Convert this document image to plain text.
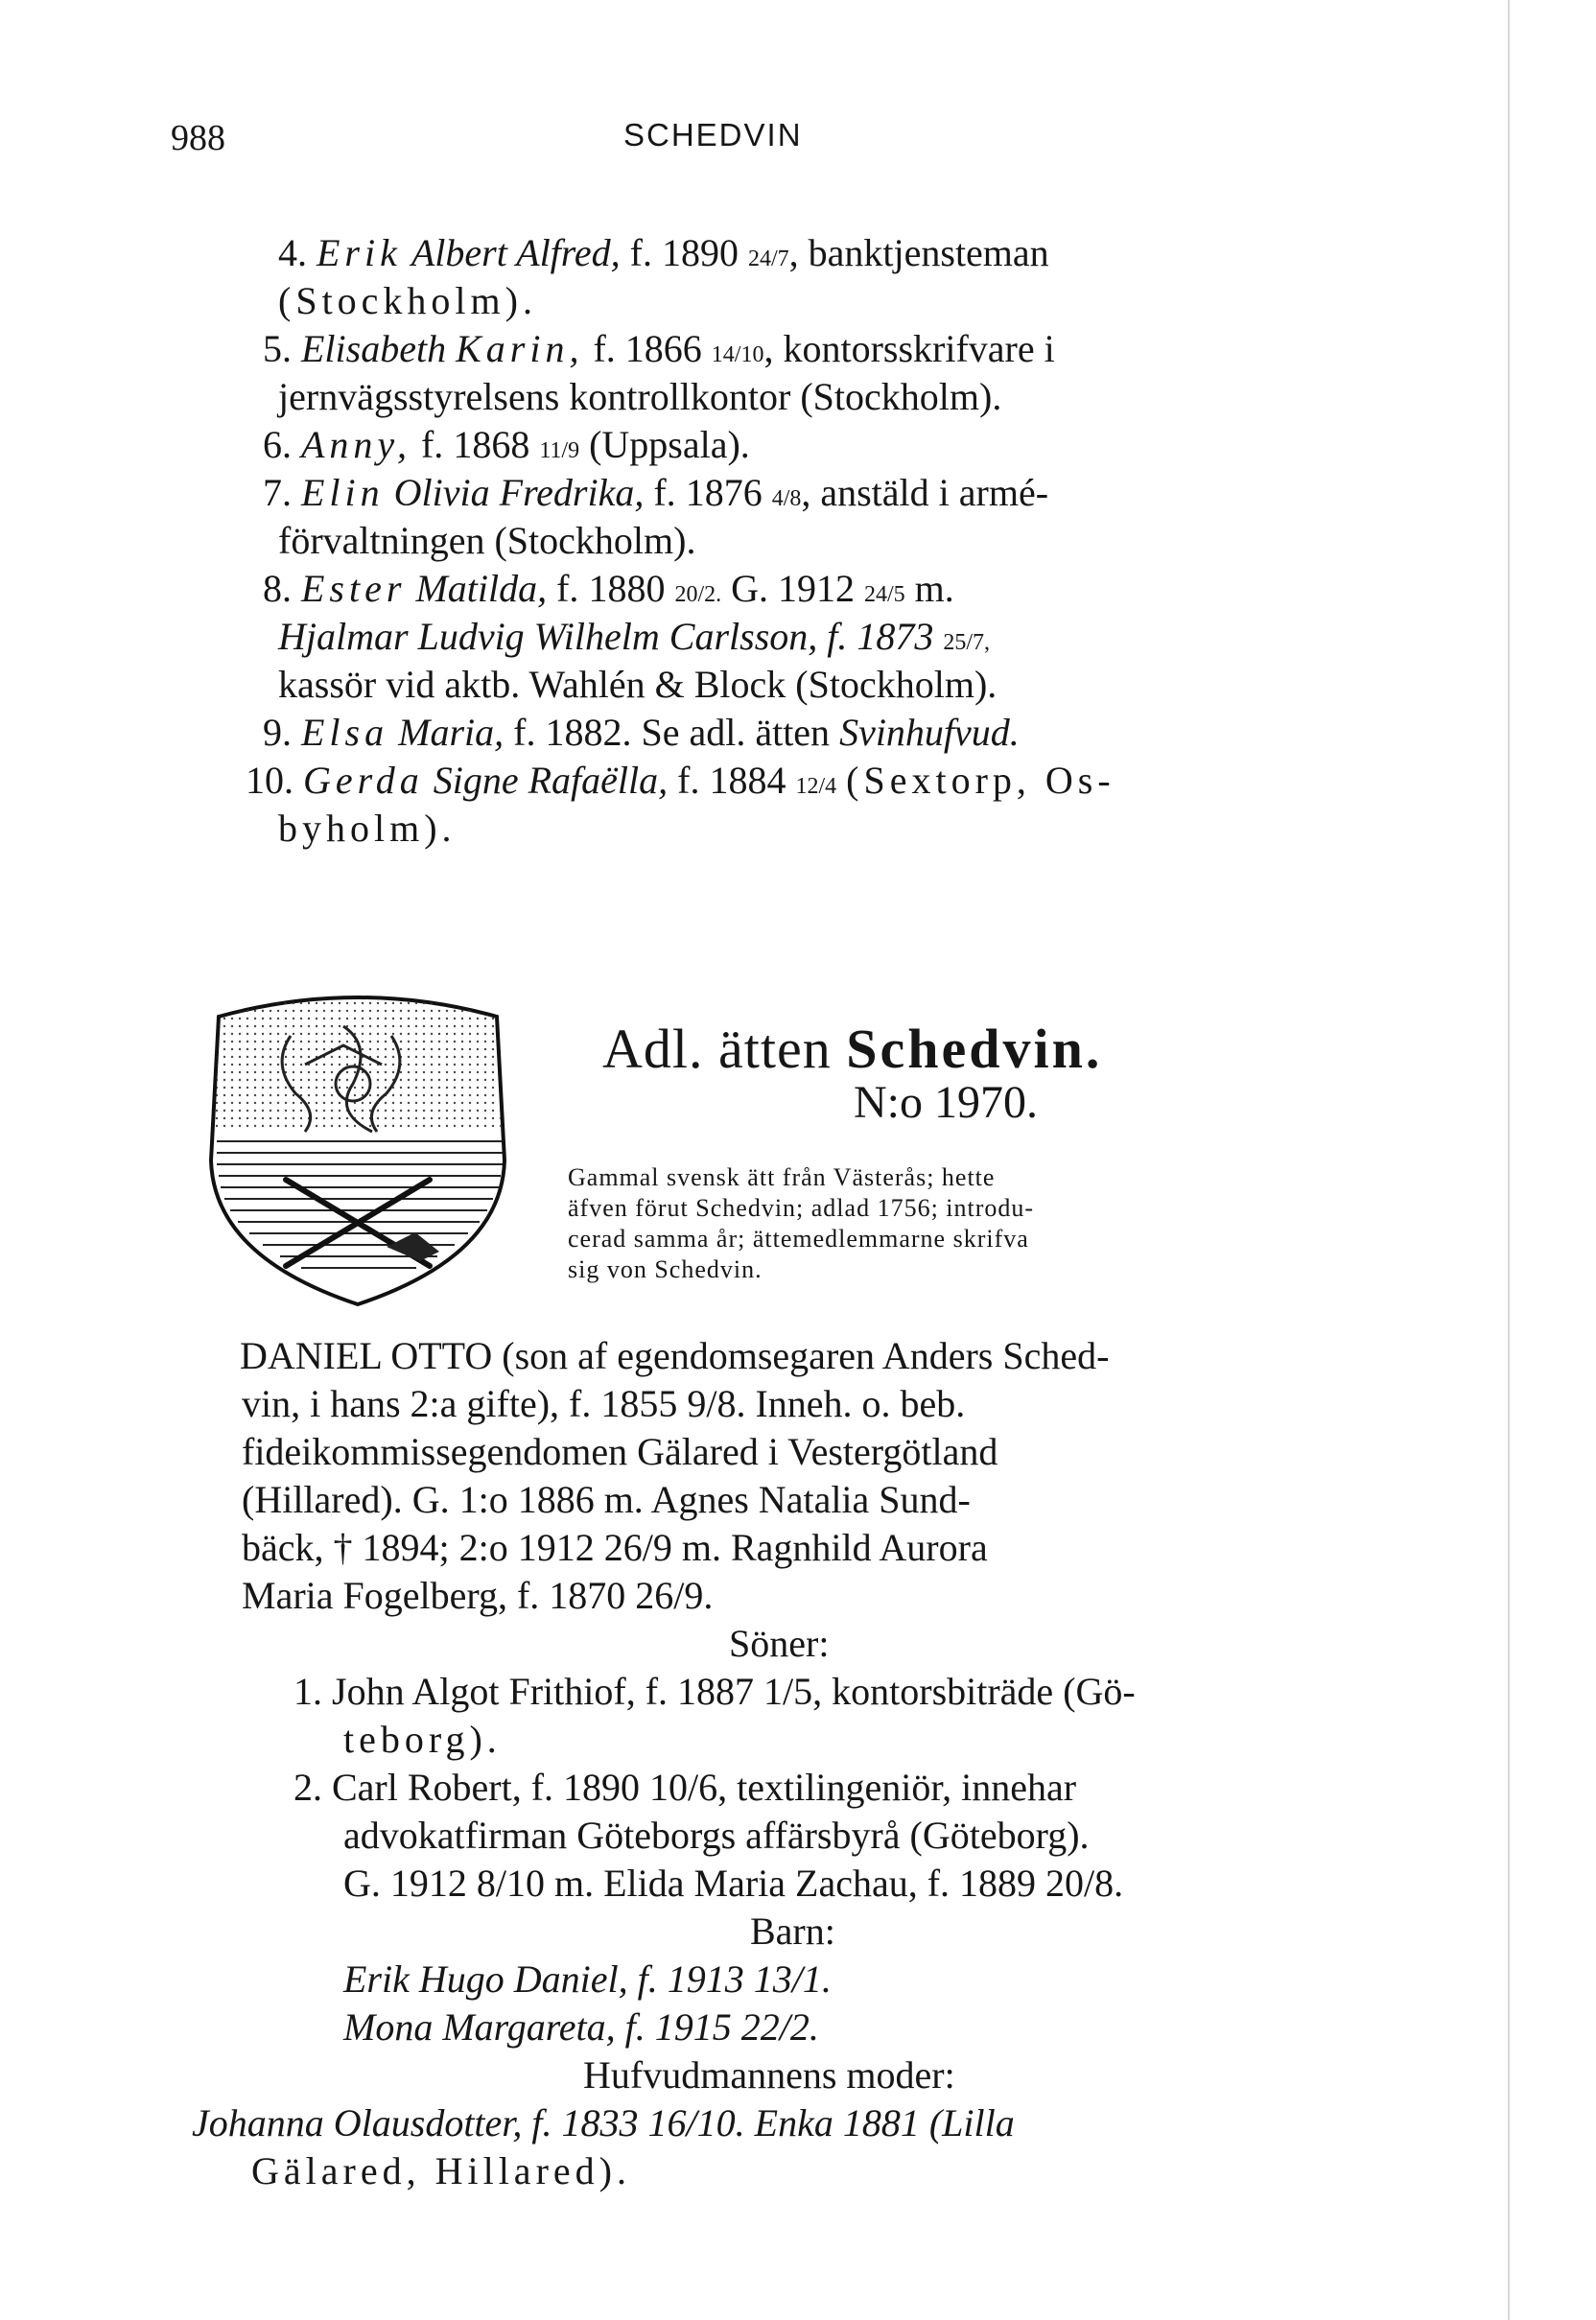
988	SCHEDVIN
4. Erik Albert Alfred, f. 1890 24/7, banktjensteman
(Stockholm).
5. Elisabeth Karin, f. 1866 14/10, kontorsskrifvare i
jernvägsstyrelsens kontrollkontor (Stockholm).
6. Anny, f. 1868 11/9 (Uppsala).
7. Elin Olivia Fredrika, f. 1876 4/8, anstäld i armé-
förvaltningen (Stockholm).
8. Ester Matilda, f. 1880 20/2. G. 1912 24/5 m.
Hjalmar Ludvig Wilhelm Carlsson, f. 1873 25/7,
kassör vid aktb. Wahlén & Block (Stockholm).
9. Elsa Maria, f. 1882. Se adl. ätten Svinhufvud.
10. Gerda Signe Rafaëlla, f. 1884 12/4 (Sextorp, Os-
byholm).
Adl. ätten Schedvin.
N:o 1970.
Gammal svensk ätt från Västerås; hette
äfven förut Schedvin; adlad 1756; introdu-
cerad samma år; ättemedlemmarne skrifva
sig von Schedvin.
DANIEL OTTO (son af egendomsegaren Anders Sched-
vin, i hans 2:a gifte), f. 1855 9/8. Inneh. o. beb.
fideikommissegendomen Gälared i Vestergötland
(Hillared). G. 1:o 1886 m. Agnes Natalia Sund-
bäck, † 1894; 2:o 1912 26/9 m. Ragnhild Aurora
Maria Fogelberg, f. 1870 26/9.
Söner:
1. John Algot Frithiof, f. 1887 1/5, kontorsbiträde (Gö-
teborg).
2. Carl Robert, f. 1890 10/6, textilingeniör, innehar
advokatfirman Göteborgs affärsbyrå (Göteborg).
G. 1912 8/10 m. Elida Maria Zachau, f. 1889 20/8.
Barn:
Erik Hugo Daniel, f. 1913 13/1.
Mona Margareta, f. 1915 22/2.
Hufvudmannens moder:
Johanna Olausdotter, f. 1833 16/10. Enka 1881 (Lilla
Gälared, Hillared).
